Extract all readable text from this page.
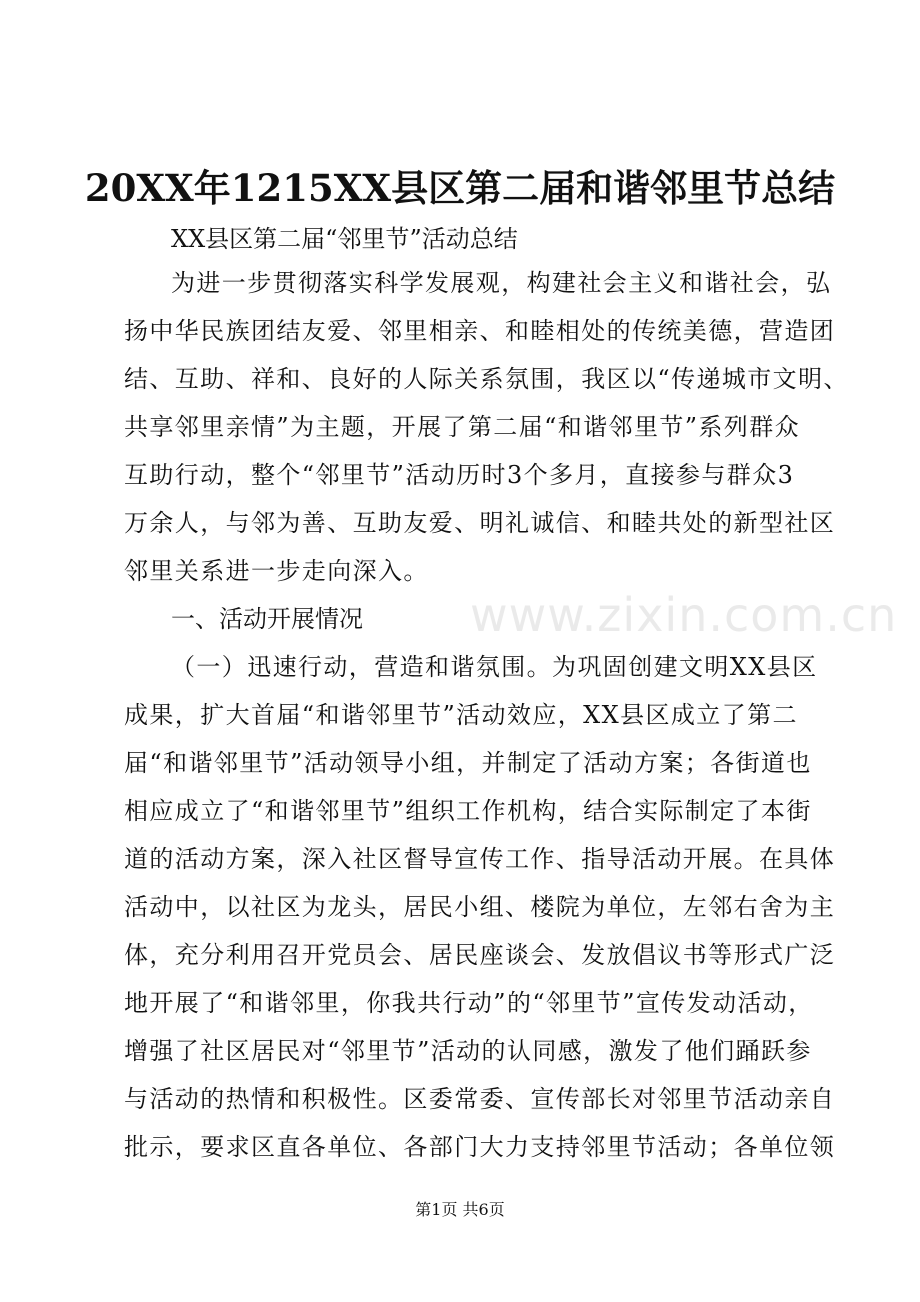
20XX年1215XX县区第二届和谐邻里节总结

XX县区第二届“邻里节”活动总结

为进一步贯彻落实科学发展观，构建社会主义和谐社会，弘

扬中华民族团结友爱、邻里相亲、和睦相处的传统美德，营造团

结、互助、祥和、良好的人际关系氛围，我区以“传递城市文明、

共享邻里亲情”为主题，开展了第二届“和谐邻里节”系列群众

互助行动，整个“邻里节”活动历时3个多月，直接参与群众3

万余人，与邻为善、互助友爱、明礼诚信、和睦共处的新型社区

邻里关系进一步走向深入。

一、活动开展情况

（一）迅速行动，营造和谐氛围。为巩固创建文明XX县区

成果，扩大首届“和谐邻里节”活动效应，XX县区成立了第二

届“和谐邻里节”活动领导小组，并制定了活动方案；各街道也

相应成立了“和谐邻里节”组织工作机构，结合实际制定了本街

道的活动方案，深入社区督导宣传工作、指导活动开展。在具体

活动中，以社区为龙头，居民小组、楼院为单位，左邻右舍为主

体，充分利用召开党员会、居民座谈会、发放倡议书等形式广泛

地开展了“和谐邻里，你我共行动”的“邻里节”宣传发动活动，

增强了社区居民对“邻里节”活动的认同感，激发了他们踊跃参

与活动的热情和积极性。区委常委、宣传部长对邻里节活动亲自

批示，要求区直各单位、各部门大力支持邻里节活动；各单位领

www.zixin.com.cn
第1页 共6页
